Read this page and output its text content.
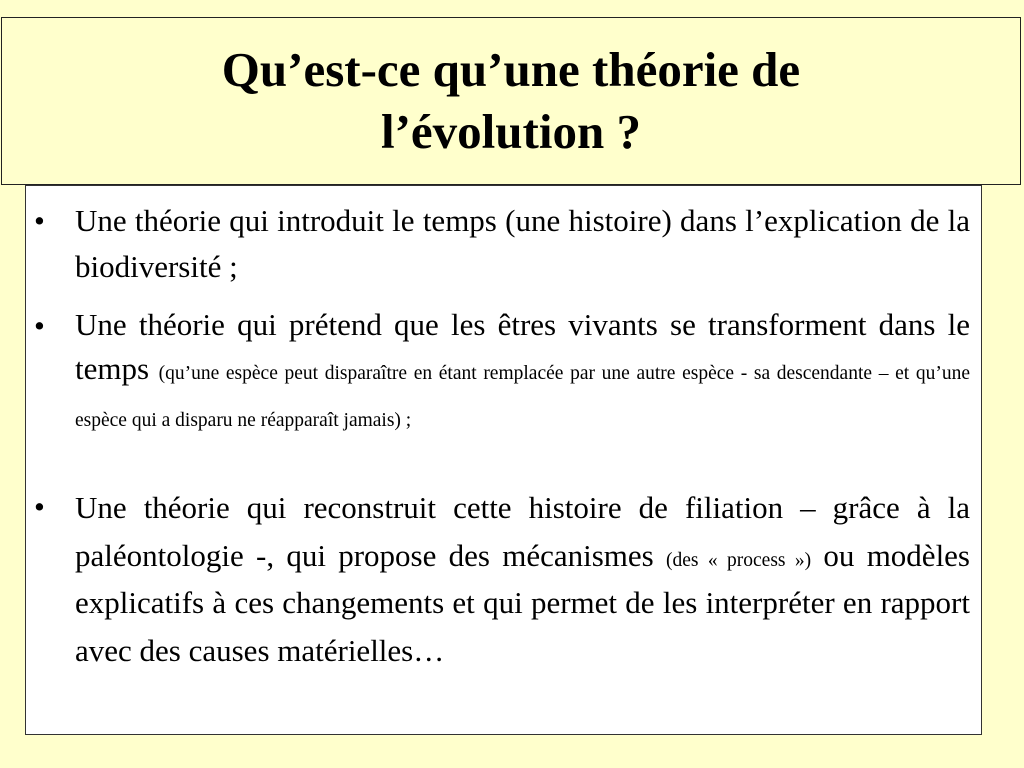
Qu’est-ce qu’une théorie de
l’évolution ?
• Une théorie qui introduit le temps (une histoire) dans l’explication de la biodiversité ;
• Une théorie qui prétend que les êtres vivants se transforment dans le temps (qu’une espèce peut disparaître en étant remplacée par une autre espèce - sa descendante – et qu’une espèce qui a disparu ne réapparaît jamais) ;
• Une théorie qui reconstruit cette histoire de filiation – grâce à la paléontologie -, qui propose des mécanismes (des « process ») ou modèles explicatifs à ces changements et qui permet de les interpréter en rapport avec des causes matérielles…
